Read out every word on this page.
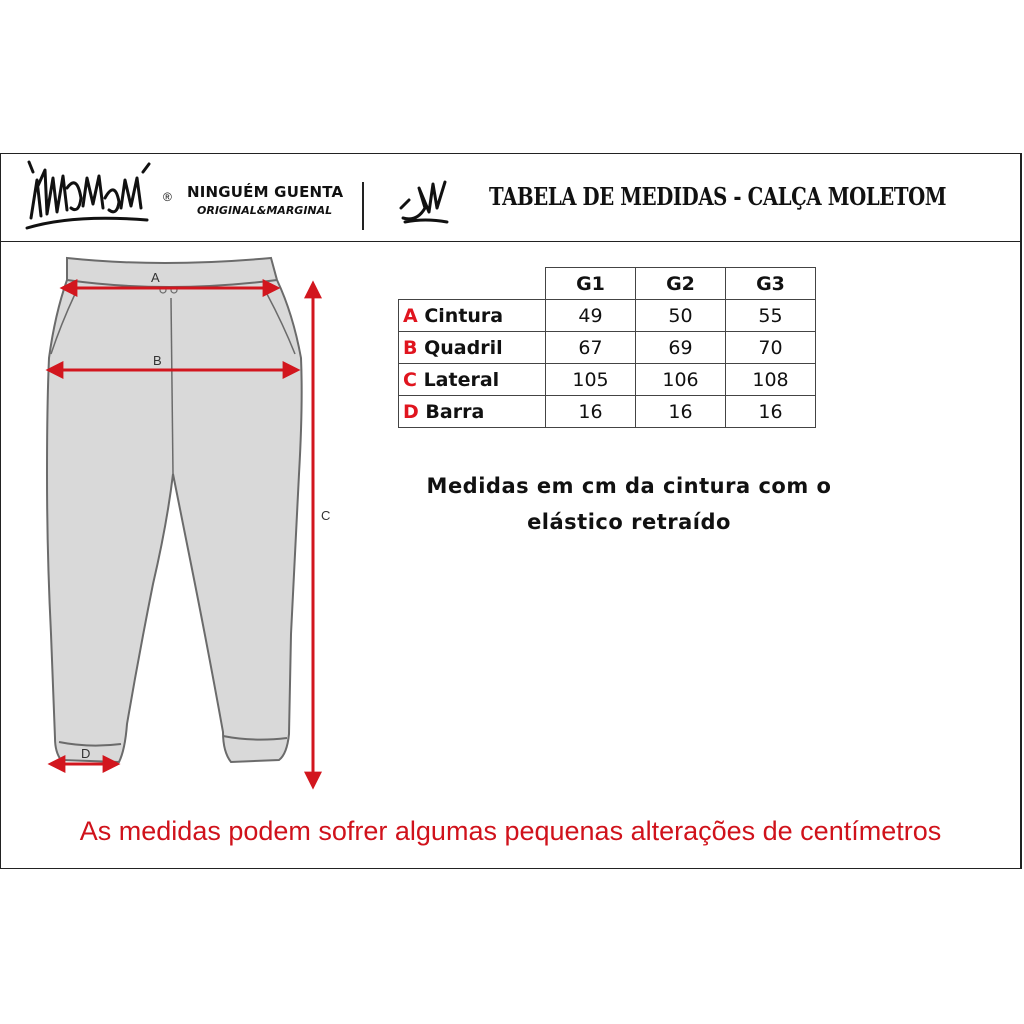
® NINGUÉM GUENTA
ORIGINAL&MARGINAL	TABELA DE MEDIDAS - CALÇA MOLETOM
A
B
C
D
	G1	G2	G3
A Cintura	49	50	55
B Quadril	67	69	70
C Lateral	105	106	108
D Barra	16	16	16
Medidas em cm da cintura com o
elástico retraído
As medidas podem sofrer algumas pequenas alterações de centímetros
